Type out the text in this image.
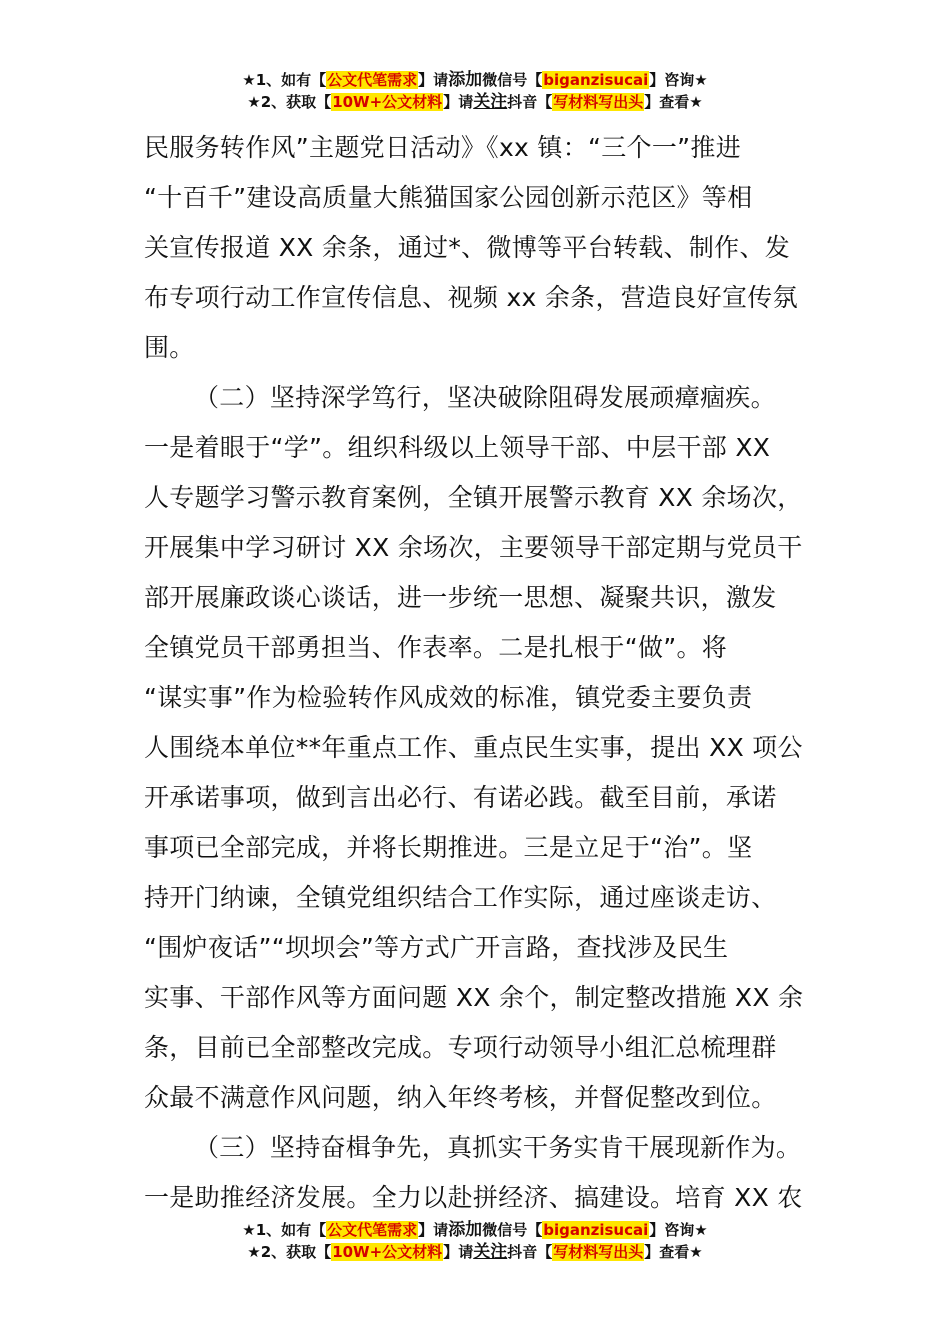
★1、如有【公文代笔需求】请添加微信号【biganzisucai】咨询★
★2、获取【10W+公文材料】请关注抖音【写材料写出头】查看★

民服务转作风”主题党日活动》《xx 镇：“三个一”推进

“十百千”建设高质量大熊猫国家公园创新示范区》等相

关宣传报道 XX 余条，通过*、微博等平台转载、制作、发

布专项行动工作宣传信息、视频 xx 余条，营造良好宣传氛

围。

（二）坚持深学笃行，坚决破除阻碍发展顽瘴痼疾。

一是着眼于“学”。组织科级以上领导干部、中层干部 XX

人专题学习警示教育案例，全镇开展警示教育 XX 余场次，

开展集中学习研讨 XX 余场次，主要领导干部定期与党员干

部开展廉政谈心谈话，进一步统一思想、凝聚共识，激发

全镇党员干部勇担当、作表率。二是扎根于“做”。将

“谋实事”作为检验转作风成效的标准，镇党委主要负责

人围绕本单位**年重点工作、重点民生实事，提出 XX 项公

开承诺事项，做到言出必行、有诺必践。截至目前，承诺

事项已全部完成，并将长期推进。三是立足于“治”。坚

持开门纳谏，全镇党组织结合工作实际，通过座谈走访、

“围炉夜话”“坝坝会”等方式广开言路，查找涉及民生

实事、干部作风等方面问题 XX 余个，制定整改措施 XX 余

条，目前已全部整改完成。专项行动领导小组汇总梳理群

众最不满意作风问题，纳入年终考核，并督促整改到位。

（三）坚持奋楫争先，真抓实干务实肯干展现新作为。

一是助推经济发展。全力以赴拼经济、搞建设。培育 XX 农

★1、如有【公文代笔需求】请添加微信号【biganzisucai】咨询★
★2、获取【10W+公文材料】请关注抖音【写材料写出头】查看★
